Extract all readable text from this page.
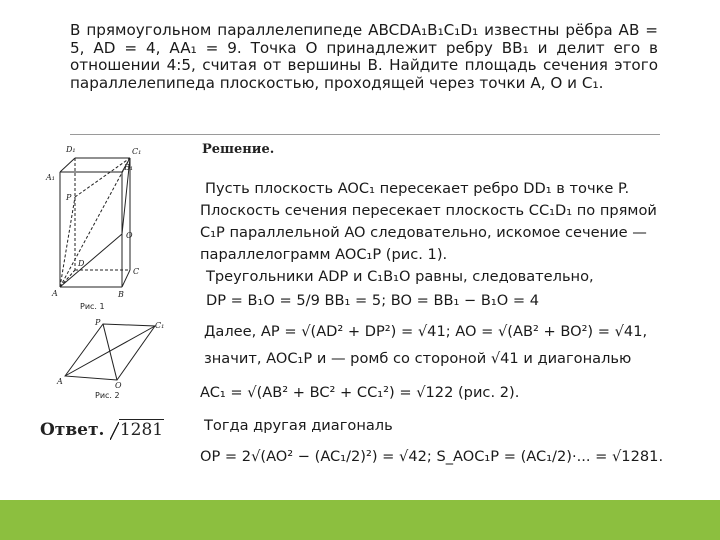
В прямоугольном параллелепипеде ABCDA₁B₁C₁D₁ известны рёбра AB = 5, AD = 4, AA₁ = 9. Точка O принадлежит ребру BB₁ и делит его в отношении 4:5, считая от вершины B. Найдите площадь сечения этого параллелепипеда плоскостью, проходящей через точки A, O и C₁.

Решение.
Пусть плоскость AOC₁ пересекает ребро DD₁ в точке P.
Плоскость сечения пересекает плоскость CC₁D₁ по прямой
C₁P параллельной AO следовательно, искомое сечение —
параллелограмм AOC₁P (рис. 1).
Треугольники ADP и C₁B₁O равны, следовательно,
DP = B₁O = 5/9 BB₁ = 5; BO = BB₁ − B₁O = 4
Далее, AP = √(AD² + DP²) = √41; AO = √(AB² + BO²) = √41,
значит, AOC₁P и — ромб со стороной √41 и диагональю
AC₁ = √(AB² + BC² + CC₁²) = √122 (рис. 2).
Тогда другая диагональ
OP = 2√(AO² − (AC₁/2)²) = √42; S_AOC₁P = (AC₁/2)·... = √1281.
D₁	C₁
A₁
B₁
P
O
D
C
A	B
Рис. 1
P	C₁
A	O
Рис. 2
Ответ. 1281
